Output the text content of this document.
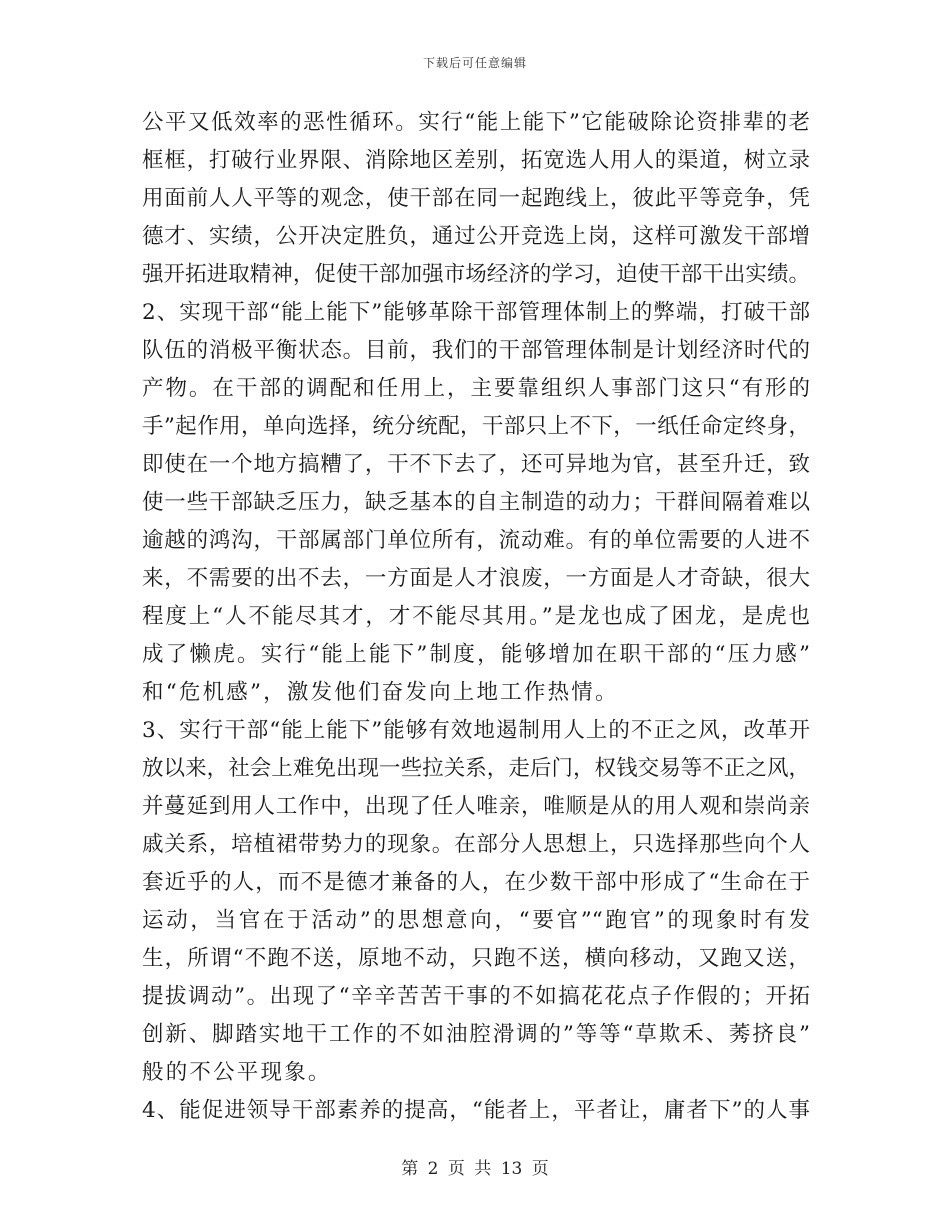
下载后可任意编辑
公平又低效率的恶性循环。实行“能上能下”它能破除论资排辈的老
框框，打破行业界限、消除地区差别，拓宽选人用人的渠道，树立录
用面前人人平等的观念，使干部在同一起跑线上，彼此平等竞争，凭
德才、实绩，公开决定胜负，通过公开竞选上岗，这样可激发干部增
强开拓进取精神，促使干部加强市场经济的学习，迫使干部干出实绩。
2、实现干部“能上能下”能够革除干部管理体制上的弊端，打破干部
队伍的消极平衡状态。目前，我们的干部管理体制是计划经济时代的
产物。在干部的调配和任用上，主要靠组织人事部门这只“有形的
手”起作用，单向选择，统分统配，干部只上不下，一纸任命定终身，
即使在一个地方搞糟了，干不下去了，还可异地为官，甚至升迁，致
使一些干部缺乏压力，缺乏基本的自主制造的动力；干群间隔着难以
逾越的鸿沟，干部属部门单位所有，流动难。有的单位需要的人进不
来，不需要的出不去，一方面是人才浪废，一方面是人才奇缺，很大
程度上“人不能尽其才，才不能尽其用。”是龙也成了困龙，是虎也
成了懒虎。实行“能上能下”制度，能够增加在职干部的“压力感”
和“危机感”，激发他们奋发向上地工作热情。
3、实行干部“能上能下”能够有效地遏制用人上的不正之风，改革开
放以来，社会上难免出现一些拉关系，走后门，权钱交易等不正之风，
并蔓延到用人工作中，出现了任人唯亲，唯顺是从的用人观和崇尚亲
戚关系，培植裙带势力的现象。在部分人思想上，只选择那些向个人
套近乎的人，而不是德才兼备的人，在少数干部中形成了“生命在于
运动，当官在于活动”的思想意向，“要官”“跑官”的现象时有发
生，所谓“不跑不送，原地不动，只跑不送，横向移动，又跑又送，
提拔调动”。出现了“辛辛苦苦干事的不如搞花花点子作假的；开拓
创新、脚踏实地干工作的不如油腔滑调的”等等“草欺禾、莠挤良”
般的不公平现象。
4、能促进领导干部素养的提高，“能者上，平者让，庸者下”的人事
第 2 页 共 13 页
